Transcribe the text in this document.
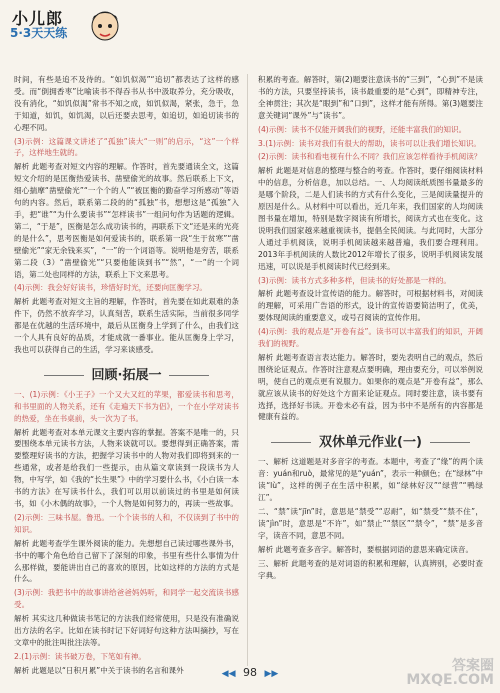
小儿郎
5·3天天练

时间，有些是追不及待的。“如饥似渴”“追切”都表达了这样的感受。而“倒拥香枣”比喻读书不得吞书从书中汲取养分，充分吸收，没有消化，“如饥似渴”常书不知之成，如饥似渴，紧张，急于，急于知道，如饥，如饥渴，以后还要去思考，如追切，如追切读书的心理不同。

(3)示例：这篇课文讲述了“孤独”读大“一则”的启示，“这”一个样子，这样地生就的。

解析 此题考查对短文内容的理解。作答时，首先要通读全文，这篇短文介绍的是匡衡热爱读书、凿壁偷光的故事。然后联系上下文，细心揣摩“凿壁偷光”“一个个的人”“被匡衡的勤奋学习所感动”等语句的内容。然后，联系第二段的的“孤独”书，想想这是“孤独”入手，把“谁”“为什么要读书”“怎样读书”一组问句作为话题的逻辑。第二，“于是”，医衡是怎么成功读书的，再联系下文“还是来的光亮的是什么”，思考医衡是如何爱读书的，联系第一段“生于贫寒”“凿壁偷光”“家无余钱来买”，“一”的一个词语等。说明他是穷苦，联系第二段（3）“凿壁偷光”“只要他能读到书”“然”，“一”的一个词语，第二处也同样的方法，联系上下文来思考。

(4)示例：我会好好读书，珍惜好时光，还要向匡衡学习。

解析 此题考查对短文主旨的理解，作答时，首先要在如此艰难的条件下，仍然不放弃学习，认真刻苦，联系生活实际，当前很多同学都是在优越的生活环境中，最后从匡衡身上学到了什么，由我们这一个人具有良好的品质，才能成就一番事业。能从匡衡身上学习，我也可以获得自己的生活，学习来谈感受。

回顾·拓展一

一、(1)示例：《小王子》一个又大又红的苹果，都爱读书和思考，和书里面的人物关系，还有《走遍天下书为侣》，一个在小学对读书的热爱，坐在书桌前，头一次为了书。

解析 此题考查对本单元课文主要内容的掌握。答案不是唯一的，只要围绕本单元读书方法，人物来谈就可以。要想得到正确答案，需要整理好读书的方法，把握学习读书中的人物对我们即将到来的一些通常，或者是给我们一些提示，由从篇文章读到一段读书为人物，中写学，如《我的“长生果”》中的学习要什么书，《小白读一本书的方法》在写读书什么，我们可以用以前读过的书里是如何读书，如《小木偶的故事》，一个人物是如何努力的，再读一些故事。

(2)示例：三味书屋。鲁迅。一个个读书的人和，不仅读到了书中的知识。

解析 此题考查学生课外阅读的能力。先想想自己读过哪些课外书，书中的哪个角色给自己留下了深刻的印象，书里有些什么事情为什么那样做，要能讲出自己的喜欢的原因，比如这样的方法的方式是什么。

(3)示例：我把书中的故事讲给爸爸妈妈听，和同学一起交流读书感受。

解析 其实这几种做读书笔记的方法我们经常使用，只是没有准确说出方法的名字。比如在读书时记下好词好句这种方法叫摘抄，写在文章中的批注叫批注法等。

2.(1)示例：读书破万卷，下笔如有神。

解析 此题是以“日积月累”中关于读书的名言和课外

积累的考查。解答时，第(2)题要注意读书的“三到”，“心到”不是读书的方法，只要坚持读书，读书最重要的是“心到”，即精神专注，全神贯注；其次是“眼到”和“口到”，这样才能有所得。第(3)题要注意关键词“课外”与“读书”。

(4)示例：读书不仅能开阔我们的视野，还能丰富我们的知识。

3.(1)示例：读书对我们有很大的帮助，读书可以让我们增长知识。

(2)示例：读书和看电视有什么不同？我们应该怎样看待手机阅读？

解析 此题是对信息的整理与整合的考查。作答时，要仔细阅读材料中的信息，分析信息，加以总结。一、人均阅读纸质图书量最多的是哪个阶段，二是人们读书的方式有什么变化，三是阅读量提升的原因是什么。从材料中可以看出，近几年来，我们国家的人均阅读图书量在增加，特别是数字阅读有所增长，阅读方式也在变化。这说明我们国家越来越重视读书，提倡全民阅读。与此同时，大部分人通过手机阅读，说明手机阅读越来越普遍，我们要合理利用。2013年手机阅读的人数比2012年增长了很多，说明手机阅读发展迅速，可以说是手机阅读时代已经到来。

(3)示例：读书方式多种多样，但读书的好处都是一样的。

解析 此题考查设计宣传语的能力。解答时，可根据材料书，对阅读的理解，可采用广告语的形式，设计的宣传语要简洁明了，优美，要体现阅读的重要意义，或号召阅读的宣传作用。

(4)示例：我的观点是“开卷有益”。读书可以丰富我们的知识，开阔我们的视野。

解析 此题考查语言表达能力。解答时，要先表明自己的观点，然后围绕论证观点。作答时注意观点要明确，理由要充分，可以举例说明，使自己的观点更有说服力。如果你的观点是“开卷有益”，那么就应该从读书的好处这个方面来论证观点。同时要注意，读书要有选择，选择好书读。开卷未必有益，因为书中不是所有的内容都是健康有益的。

双休单元作业(一)

一、解析 这道题是对多音字的考查。本题中，考查了“缘”的两个读音：yuán和ruò，最常见的是“yuán”，表示一种颜色；在“绿林”中读“lù”，这样的例子在生活中积累，如“绿林好汉”“绿营”“鸭绿江”。

二、“禁”读“jīn”时，意思是“禁受”“忍耐”，如“禁受”“禁不住”，读“jìn”时，意思是“不许”，如“禁止”“禁区”“禁令”，“禁”是多音字，读音不同，意思不同。

解析 此题考查多音字。解答时，要根据词语的意思来确定读音。

三、解析 此题考查的是对词语的积累和理解，认真辨别，必要时查字典。

◀◀ 98 ▶▶	答案圈
MXQE.COM
